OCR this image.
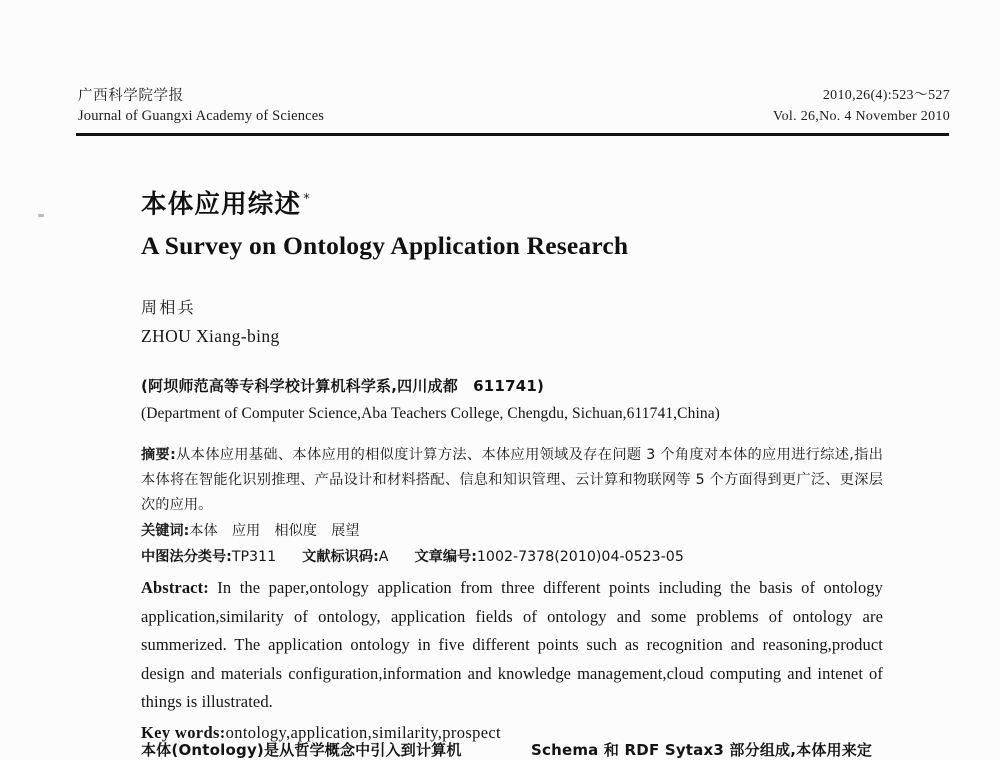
广西科学院学报
Journal of Guangxi Academy of Sciences
2010,26(4):523～527
Vol. 26,No. 4 November 2010
本体应用综述 *
A Survey on Ontology Application Research
周相兵
ZHOU Xiang-bing
(阿坝师范高等专科学校计算机科学系,四川成都　611741)
(Department of Computer Science,Aba Teachers College, Chengdu, Sichuan,611741,China)
摘要:从本体应用基础、本体应用的相似度计算方法、本体应用领域及存在问题 3 个角度对本体的应用进行综述,指出本体将在智能化识别推理、产品设计和材料搭配、信息和知识管理、云计算和物联网等 5 个方面得到更广泛、更深层次的应用。
关键词:本体　应用　相似度　展望
中图法分类号:TP311 文献标识码:A 文章编号:1002-7378(2010)04-0523-05
Abstract: In the paper,ontology application from three different points including the basis of ontology application,similarity of ontology, application fields of ontology and some problems of ontology are summerized. The application ontology in five different points such as recognition and reasoning,product design and materials configuration,information and knowledge management,cloud computing and intenet of things is illustrated.
Key words:ontology,application,similarity,prospect
本体(Ontology)是从哲学概念中引入到计算机	Schema 和 RDF Sytax3 部分组成,本体用来定
